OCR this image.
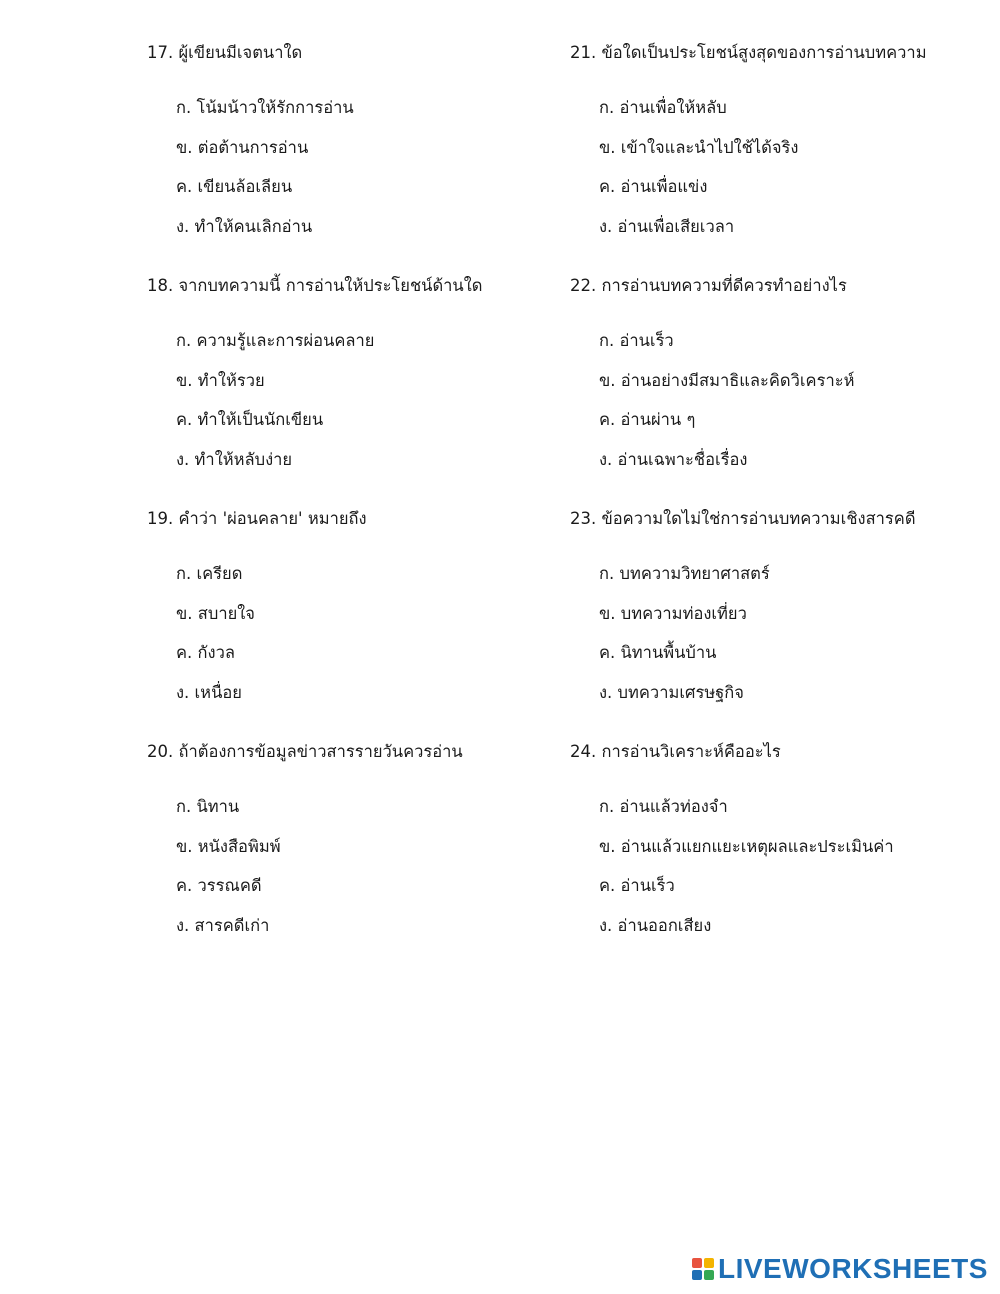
17. ผู้เขียนมีเจตนาใด
ก. โน้มน้าวให้รักการอ่าน
ข. ต่อต้านการอ่าน
ค. เขียนล้อเลียน
ง. ทำให้คนเลิกอ่าน
18. จากบทความนี้ การอ่านให้ประโยชน์ด้านใด
ก. ความรู้และการผ่อนคลาย
ข. ทำให้รวย
ค. ทำให้เป็นนักเขียน
ง. ทำให้หลับง่าย
19. คำว่า 'ผ่อนคลาย' หมายถึง
ก. เครียด
ข. สบายใจ
ค. กังวล
ง. เหนื่อย
20. ถ้าต้องการข้อมูลข่าวสารรายวันควรอ่าน
ก. นิทาน
ข. หนังสือพิมพ์
ค. วรรณคดี
ง. สารคดีเก่า
21. ข้อใดเป็นประโยชน์สูงสุดของการอ่านบทความ
ก. อ่านเพื่อให้หลับ
ข. เข้าใจและนำไปใช้ได้จริง
ค. อ่านเพื่อแข่ง
ง. อ่านเพื่อเสียเวลา
22. การอ่านบทความที่ดีควรทำอย่างไร
ก. อ่านเร็ว
ข. อ่านอย่างมีสมาธิและคิดวิเคราะห์
ค. อ่านผ่าน ๆ
ง. อ่านเฉพาะชื่อเรื่อง
23. ข้อความใดไม่ใช่การอ่านบทความเชิงสารคดี
ก. บทความวิทยาศาสตร์
ข. บทความท่องเที่ยว
ค. นิทานพื้นบ้าน
ง. บทความเศรษฐกิจ
24. การอ่านวิเคราะห์คืออะไร
ก. อ่านแล้วท่องจำ
ข. อ่านแล้วแยกแยะเหตุผลและประเมินค่า
ค. อ่านเร็ว
ง. อ่านออกเสียง
LIVEWORKSHEETS
